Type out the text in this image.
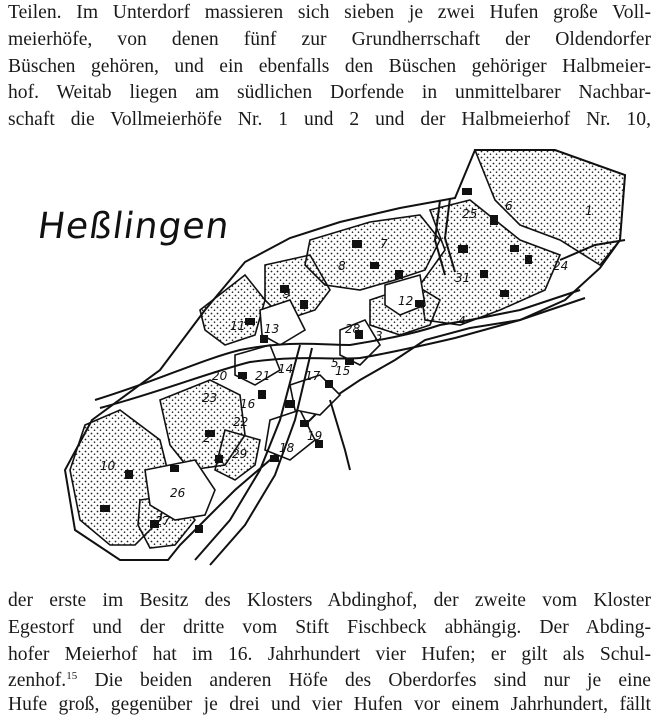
Teilen. Im Unterdorf massieren sich sieben je zwei Hufen große Voll-
meierhöfe, von denen fünf zur Grundherrschaft der Oldendorfer
Büschen gehören, und ein ebenfalls den Büschen gehöriger Halbmeier-
hof. Weitab liegen am südlichen Dorfende in unmittelbarer Nachbar-
schaft die Vollmeierhöfe Nr. 1 und 2 und der Halbmeierhof Nr. 10,
25
6	1
24
7
8
31
12
9
3
4
28
11 13
5
20 21 14 17
16
23
22
15
19
18
2
29
10
26
27
Heßlingen
der erste im Besitz des Klosters Abdinghof, der zweite vom Kloster
Egestorf und der dritte vom Stift Fischbeck abhängig. Der Abding-
hofer Meierhof hat im 16. Jahrhundert vier Hufen; er gilt als Schul-
zenhof.$^{15}$ Die beiden anderen Höfe des Oberdorfes sind nur je eine
Hufe groß, gegenüber je drei und vier Hufen vor einem Jahrhundert, fällt
